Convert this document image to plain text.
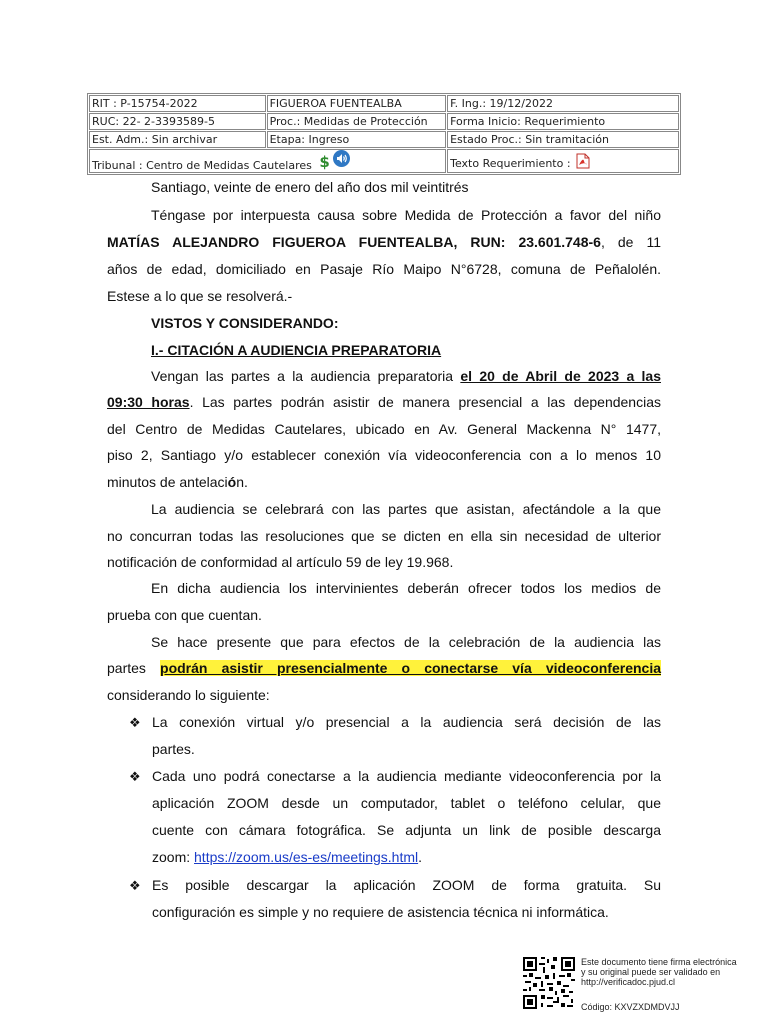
RIT : P-15754-2022	FIGUEROA FUENTEALBA	F. Ing.: 19/12/2022
RUC: 22- 2-3393589-5	Proc.: Medidas de Protección	Forma Inicio: Requerimiento
Est. Adm.: Sin archivar	Etapa: Ingreso	Estado Proc.: Sin tramitación
Tribunal : Centro de Medidas Cautelares $		Texto Requerimiento :
Santiago, veinte de enero del año dos mil veintitrés
Téngase por interpuesta causa sobre Medida de Protección a favor del niño
MATÍAS ALEJANDRO FIGUEROA FUENTEALBA, RUN: 23.601.748-6, de 11
años de edad, domiciliado en Pasaje Río Maipo N°6728, comuna de Peñalolén.
Estese a lo que se resolverá.-
VISTOS Y CONSIDERANDO:
I.- CITACIÓN A AUDIENCIA PREPARATORIA
Vengan las partes a la audiencia preparatoria el 20 de Abril de 2023 a las
09:30 horas. Las partes podrán asistir de manera presencial a las dependencias
del Centro de Medidas Cautelares, ubicado en Av. General Mackenna N° 1477,
piso 2, Santiago y/o establecer conexión vía videoconferencia con a lo menos 10
minutos de antelación.
La audiencia se celebrará con las partes que asistan, afectándole a la que
no concurran todas las resoluciones que se dicten en ella sin necesidad de ulterior
notificación de conformidad al artículo 59 de ley 19.968.
En dicha audiencia los intervinientes deberán ofrecer todos los medios de
prueba con que cuentan.
Se hace presente que para efectos de la celebración de la audiencia las
partes podrán asistir presencialmente o conectarse vía videoconferencia
considerando lo siguiente:
❖ La conexión virtual y/o presencial a la audiencia será decisión de las
partes.
❖ Cada uno podrá conectarse a la audiencia mediante videoconferencia por la
aplicación ZOOM desde un computador, tablet o teléfono celular, que
cuente con cámara fotográfica. Se adjunta un link de posible descarga
zoom: https://zoom.us/es-es/meetings.html.
❖ Es posible descargar la aplicación ZOOM de forma gratuita. Su
configuración es simple y no requiere de asistencia técnica ni informática.
Este documento tiene firma electrónica
y su original puede ser validado en
http://verificadoc.pjud.cl
Código: KXVZXDMDVJJ
